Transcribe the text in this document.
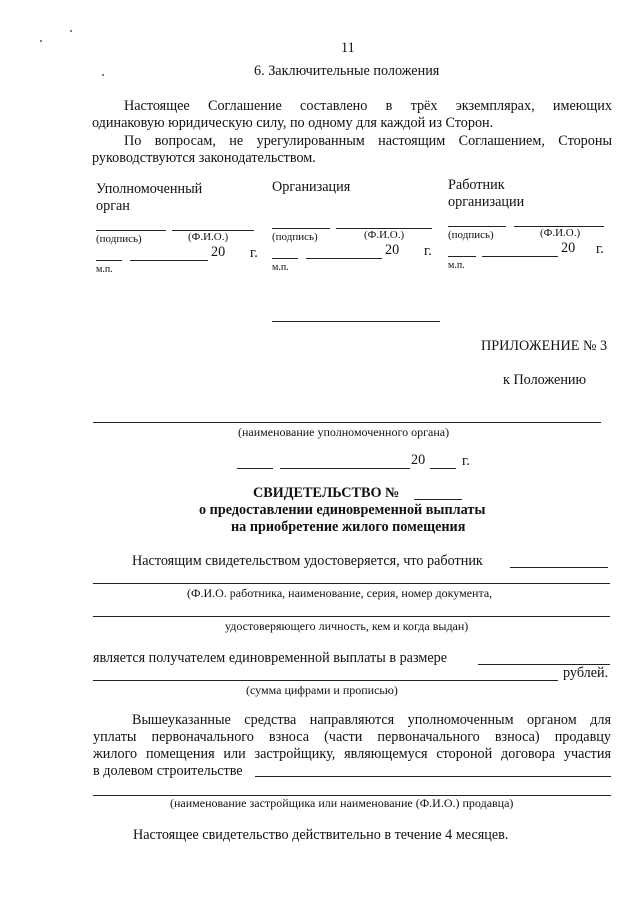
11
6. Заключительные положения
Настоящее Соглашение составлено в трёх экземплярах, имеющих
одинаковую юридическую силу, по одному для каждой из Сторон.
По вопросам, не урегулированным настоящим Соглашением, Стороны
руководствуются законодательством.
Уполномоченный
орган
(подпись)	(Ф.И.О.)
20 г.
м.п.
Организация
(подпись)	(Ф.И.О.)
20 г.
м.п.
Работник
организации
(подпись)	(Ф.И.О.)
20 г.
м.п.
ПРИЛОЖЕНИЕ № 3
к Положению
(наименование уполномоченного органа)
20	г.
СВИДЕТЕЛЬСТВО №
о предоставлении единовременной выплаты
на приобретение жилого помещения
Настоящим свидетельством удостоверяется, что работник
(Ф.И.О. работника, наименование, серия, номер документа,
удостоверяющего личность, кем и когда выдан)
является получателем единовременной выплаты в размере
рублей.
(сумма цифрами и прописью)
Вышеуказанные средства направляются уполномоченным органом для
уплаты первоначального взноса (части первоначального взноса) продавцу
жилого помещения или застройщику, являющемуся стороной договора участия
в долевом строительстве
(наименование застройщика или наименование (Ф.И.О.) продавца)
Настоящее свидетельство действительно в течение 4 месяцев.
